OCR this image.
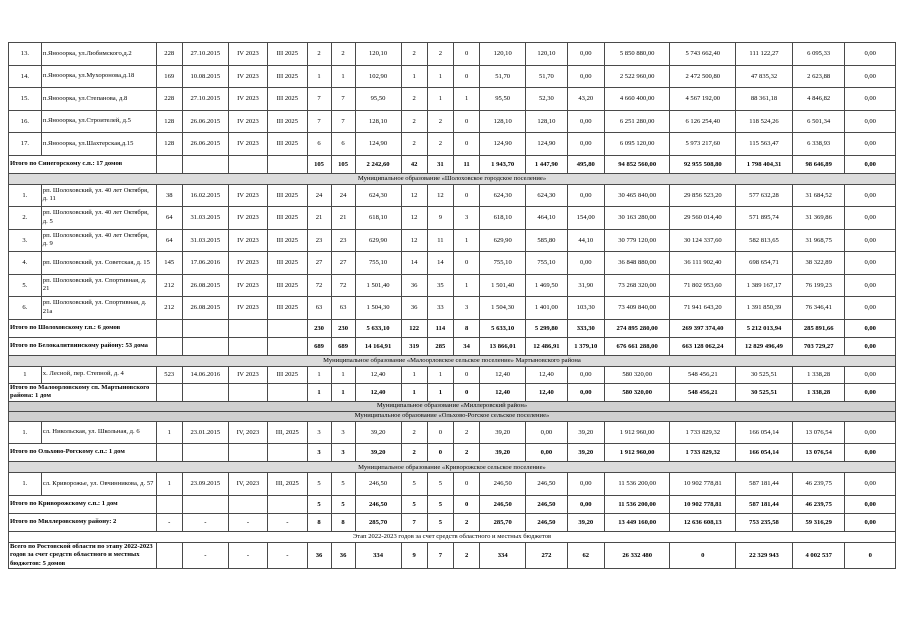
13.	п.Янооорка, ул.Любимского,д.2	228	27.10.2015	IV 2023	III 2025	2	2	120,10	2	2	0	120,10	120,10	0,00	5 850 880,00	5 743 662,40	111 122,27	6 095,33	0,00
14.	п.Янооорка, ул.Мухоронова,д.18	169	10.08.2015	IV 2023	III 2025	1	1	102,90	1	1	0	51,70	51,70	0,00	2 522 960,00	2 472 500,80	47 835,32	2 623,88	0,00
15.	п.Янооорка, ул.Степанова, д.8	228	27.10.2015	IV 2023	III 2025	7	7	95,50	2	1	1	95,50	52,30	43,20	4 660 400,00	4 567 192,00	88 361,18	4 846,82	0,00
16.	п.Янооорка, ул.Строителей, д.5	128	26.06.2015	IV 2023	III 2025	7	7	128,10	2	2	0	128,10	128,10	0,00	6 251 280,00	6 126 254,40	118 524,26	6 501,34	0,00
17.	п.Янооорка, ул.Шахтерская,д.15	128	26.06.2015	IV 2023	III 2025	6	6	124,90	2	2	0	124,90	124,90	0,00	6 095 120,00	5 973 217,60	115 563,47	6 338,93	0,00
Итого по Синегорскому с.п.: 17 домов						105	105	2 242,60	42	31	11	1 943,70	1 447,90	495,80	94 852 560,00	92 955 508,80	1 798 404,31	98 646,89	0,00
Муниципальное образование «Шолоховское городское поселение»																			
1.	рп. Шолоховский, ул. 40 лет Октября, д. 11	38	16.02.2015	IV 2023	III 2025	24	24	624,30	12	12	0	624,30	624,30	0,00	30 465 840,00	29 856 523,20	577 632,28	31 684,52	0,00
2.	рп. Шолоховский, ул. 40 лет Октября, д. 5	64	31.03.2015	IV 2023	III 2025	21	21	618,10	12	9	3	618,10	464,10	154,00	30 163 280,00	29 560 014,40	571 895,74	31 369,86	0,00
3.	рп. Шолоховский, ул. 40 лет Октября, д. 9	64	31.03.2015	IV 2023	III 2025	23	23	629,90	12	11	1	629,90	585,80	44,10	30 779 120,00	30 124 337,60	582 813,65	31 968,75	0,00
4.	рп. Шолоховский, ул. Советская, д. 15	145	17.06.2016	IV 2023	III 2025	27	27	755,10	14	14	0	755,10	755,10	0,00	36 848 880,00	36 111 902,40	698 654,71	38 322,89	0,00
5.	рп. Шолоховский, ул. Спортивная, д. 21	212	26.08.2015	IV 2023	III 2025	72	72	1 501,40	36	35	1	1 501,40	1 469,50	31,90	73 268 320,00	71 802 953,60	1 389 167,17	76 199,23	0,00
6.	рп. Шолоховский, ул. Спортивная, д. 21а	212	26.08.2015	IV 2023	III 2025	63	63	1 504,30	36	33	3	1 504,30	1 401,00	103,30	73 409 840,00	71 941 643,20	1 391 850,39	76 346,41	0,00
Итого по Шолоховскому г.п.: 6 домов						230	230	5 633,10	122	114	8	5 633,10	5 299,80	333,30	274 895 280,00	269 397 374,40	5 212 013,94	285 891,66	0,00
Итого по Белокалитвинскому району: 53 дома						689	689	14 164,91	319	285	34	13 866,01	12 486,91	1 379,10	676 661 288,00	663 128 062,24	12 829 496,49	703 729,27	0,00
Муниципальное образование «Малоорловское сельское поселение» Мартыновского района																			
1	х. Лесной, пер. Степной, д. 4	523	14.06.2016	IV 2023	III 2025	1	1	12,40	1	1	0	12,40	12,40	0,00	580 320,00	548 456,21	30 525,51	1 338,28	0,00
Итого по Малоорловскому сп. Мартыновского района: 1 дом						1	1	12,40	1	1	0	12,40	12,40	0,00	580 320,00	548 456,21	30 525,51	1 338,28	0,00
Муниципальное образование «Миллеровский район»																			
Муниципальное образование «Ольхово-Рогское сельское поселение»																			
1.	сл. Никольская, ул. Школьная, д. 6	1	23.01.2015	IV, 2023	III, 2025	3	3	39,20	2	0	2	39,20	0,00	39,20	1 912 960,00	1 733 829,32	166 054,14	13 076,54	0,00
Итого по Ольхово-Рогскому с.п.: 1 дом						3	3	39,20	2	0	2	39,20	0,00	39,20	1 912 960,00	1 733 829,32	166 054,14	13 076,54	0,00
Муниципальное образование «Криворожское сельское поселение»																			
1.	сл. Криворожье, ул. Овчинникова, д. 57	1	23.09.2015	IV, 2023	III, 2025	5	5	246,50	5	5	0	246,50	246,50	0,00	11 536 200,00	10 902 778,81	587 181,44	46 239,75	0,00
Итого по Криворожскому с.п.: 1 дом						5	5	246,50	5	5	0	246,50	246,50	0,00	11 536 200,00	10 902 778,81	587 181,44	46 239,75	0,00
Итого по Миллеровскому району: 2		-	-	-	-	8	8	285,70	7	5	2	285,70	246,50	39,20	13 449 160,00	12 636 608,13	753 235,58	59 316,29	0,00
Этап 2022-2023 годов за счет средств областного и местных бюджетов																			
Всего по Ростовской области по этапу 2022-2023 годов за счет средств областного и местных бюджетов: 5 домов			-	-	-	36	36	334	9	7	2	334	272	62	26 332 480	0	22 329 943	4 002 537	0
